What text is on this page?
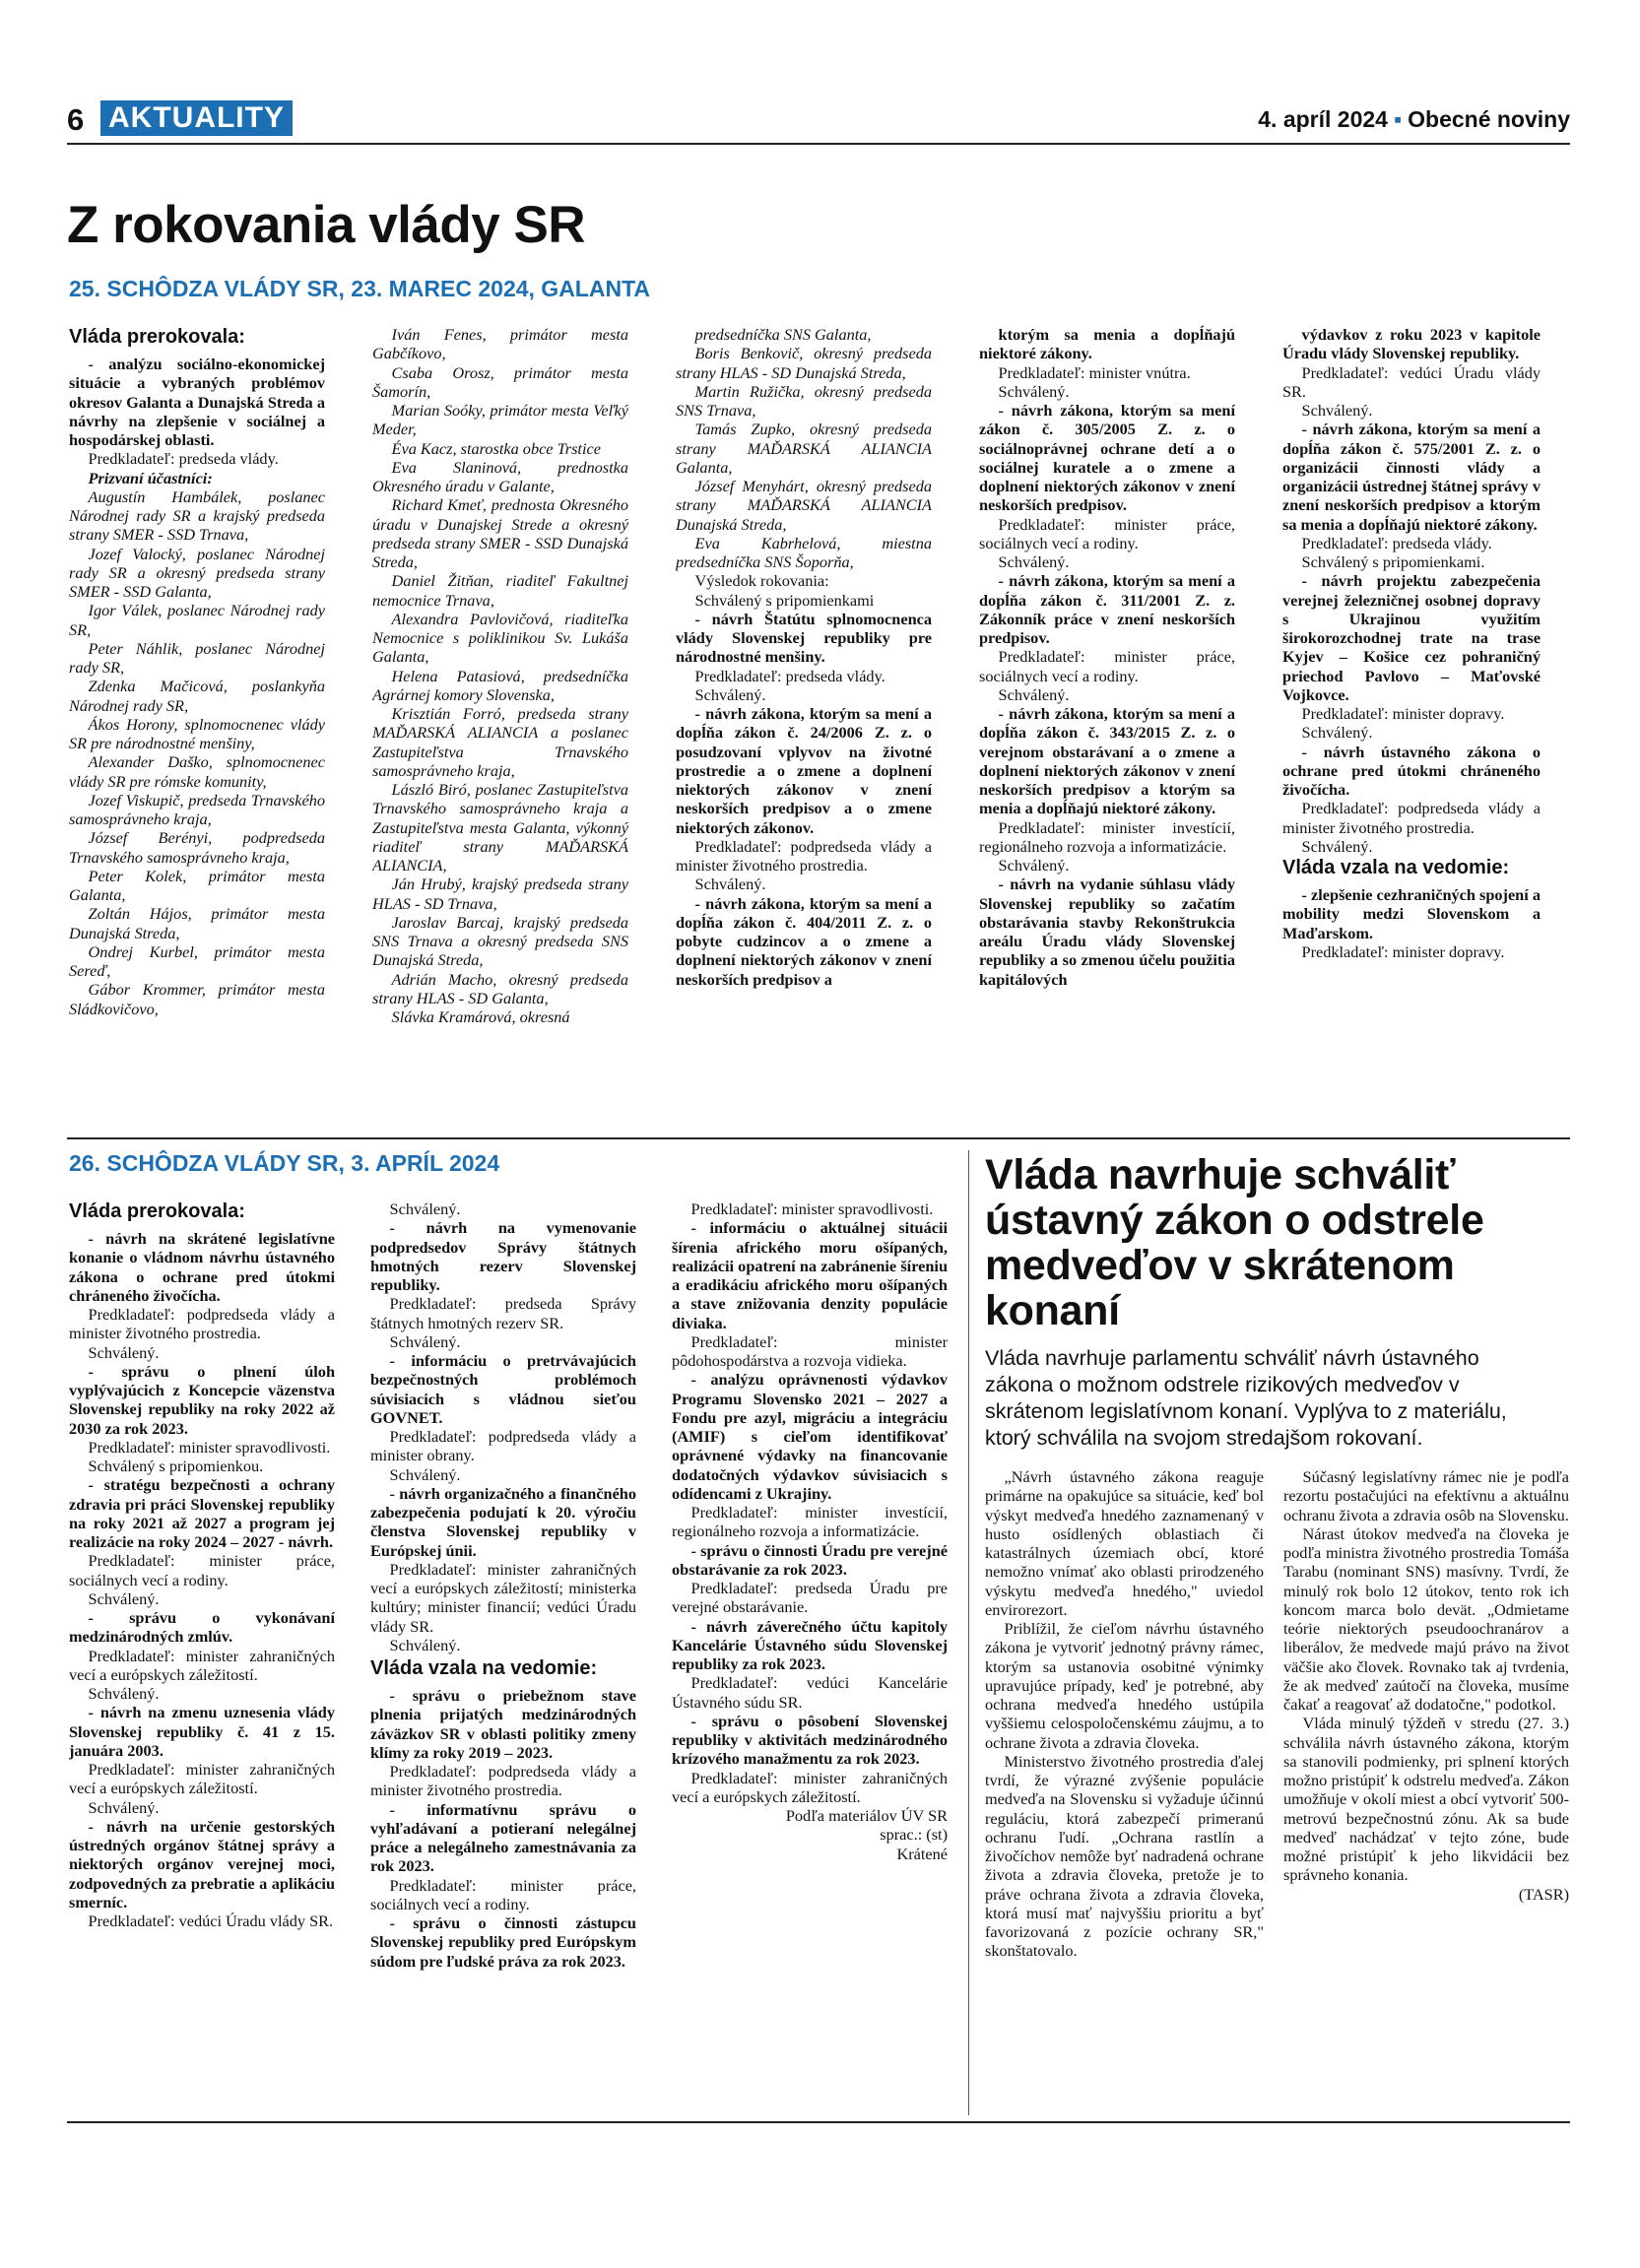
6 AKTUALITY	4. apríl 2024 ▪ Obecné noviny
Z rokovania vlády SR
25. SCHÔDZA VLÁDY SR, 23. MAREC 2024, GALANTA
Vláda prerokovala:

- analýzu sociálno-ekonomickej situácie a vybraných problémov okresov Galanta a Dunajská Streda a návrhy na zlepšenie v sociálnej a hospodárskej oblasti.

Predkladateľ: predseda vlády.

Prizvaní účastníci:

Augustín Hambálek, poslanec Národnej rady SR a krajský predseda strany SMER - SSD Trnava,

Jozef Valocký, poslanec Národnej rady SR a okresný predseda strany SMER - SSD Galanta,

Igor Válek, poslanec Národnej rady SR,

Peter Náhlik, poslanec Národnej rady SR,

Zdenka Mačicová, poslankyňa Národnej rady SR,

Ákos Horony, splnomocnenec vlády SR pre národnostné menšiny,

Alexander Daško, splnomocnenec vlády SR pre rómske komunity,

Jozef Viskupič, predseda Trnavského samosprávneho kraja,

József Berényi, podpredseda Trnavského samosprávneho kraja,

Peter Kolek, primátor mesta Galanta,

Zoltán Hájos, primátor mesta Dunajská Streda,

Ondrej Kurbel, primátor mesta Sereď,

Gábor Krommer, primátor mesta Sládkovičovo,

Iván Fenes, primátor mesta Gabčíkovo,

Csaba Orosz, primátor mesta Šamorín,

Marian Soóky, primátor mesta Veľký Meder,

Éva Kacz, starostka obce Trstice

Eva Slaninová, prednostka Okresného úradu v Galante,

Richard Kmeť, prednosta Okresného úradu v Dunajskej Strede a okresný predseda strany SMER - SSD Dunajská Streda,

Daniel Žitňan, riaditeľ Fakultnej nemocnice Trnava,

Alexandra Pavlovičová, riaditeľka Nemocnice s poliklinikou Sv. Lukáša Galanta,

Helena Patasiová, predsedníčka Agrárnej komory Slovenska,

Krisztián Forró, predseda strany MAĎARSKÁ ALIANCIA a poslanec Zastupiteľstva Trnavského samosprávneho kraja,

László Biró, poslanec Zastupiteľstva Trnavského samosprávneho kraja a Zastupiteľstva mesta Galanta, výkonný riaditeľ strany MAĎARSKÁ ALIANCIA,

Ján Hrubý, krajský predseda strany HLAS - SD Trnava,

Jaroslav Barcaj, krajský predseda SNS Trnava a okresný predseda SNS Dunajská Streda,

Adrián Macho, okresný predseda strany HLAS - SD Galanta,

Slávka Kramárová, okresná

predsedníčka SNS Galanta,

Boris Benkovič, okresný predseda strany HLAS - SD Dunajská Streda,

Martin Ružička, okresný predseda SNS Trnava,

Tamás Zupko, okresný predseda strany MAĎARSKÁ ALIANCIA Galanta,

József Menyhárt, okresný predseda strany MAĎARSKÁ ALIANCIA Dunajská Streda,

Eva Kabrhelová, miestna predsedníčka SNS Šoporňa,

Výsledok rokovania:

Schválený s pripomienkami

- návrh Štatútu splnomocnenca vlády Slovenskej republiky pre národnostné menšiny.

Predkladateľ: predseda vlády.

Schválený.

- návrh zákona, ktorým sa mení a dopĺňa zákon č. 24/2006 Z. z. o posudzovaní vplyvov na životné prostredie a o zmene a doplnení niektorých zákonov v znení neskorších predpisov a o zmene niektorých zákonov.

Predkladateľ: podpredseda vlády a minister životného prostredia.

Schválený.

- návrh zákona, ktorým sa mení a dopĺňa zákon č. 404/2011 Z. z. o pobyte cudzincov a o zmene a doplnení niektorých zákonov v znení neskorších predpisov a

ktorým sa menia a dopĺňajú niektoré zákony.

Predkladateľ: minister vnútra.

Schválený.

- návrh zákona, ktorým sa mení zákon č. 305/2005 Z. z. o sociálnoprávnej ochrane detí a o sociálnej kuratele a o zmene a doplnení niektorých zákonov v znení neskorších predpisov.

Predkladateľ: minister práce, sociálnych vecí a rodiny.

Schválený.

- návrh zákona, ktorým sa mení a dopĺňa zákon č. 311/2001 Z. z. Zákonník práce v znení neskorších predpisov.

Predkladateľ: minister práce, sociálnych vecí a rodiny.

Schválený.

- návrh zákona, ktorým sa mení a dopĺňa zákon č. 343/2015 Z. z. o verejnom obstarávaní a o zmene a doplnení niektorých zákonov v znení neskorších predpisov a ktorým sa menia a dopĺňajú niektoré zákony.

Predkladateľ: minister investícií, regionálneho rozvoja a informatizácie.

Schválený.

- návrh na vydanie súhlasu vlády Slovenskej republiky so začatím obstarávania stavby Rekonštrukcia areálu Úradu vlády Slovenskej republiky a so zmenou účelu použitia kapitálových

výdavkov z roku 2023 v kapitole Úradu vlády Slovenskej republiky.

Predkladateľ: vedúci Úradu vlády SR.

Schválený.

- návrh zákona, ktorým sa mení a dopĺňa zákon č. 575/2001 Z. z. o organizácii činnosti vlády a organizácii ústrednej štátnej správy v znení neskorších predpisov a ktorým sa menia a dopĺňajú niektoré zákony.

Predkladateľ: predseda vlády.

Schválený s pripomienkami.

- návrh projektu zabezpečenia verejnej železničnej osobnej dopravy s Ukrajinou využitím širokorozchodnej trate na trase Kyjev – Košice cez pohraničný priechod Pavlovo – Maťovské Vojkovce.

Predkladateľ: minister dopravy.

Schválený.

- návrh ústavného zákona o ochrane pred útokmi chráneného živočícha.

Predkladateľ: podpredseda vlády a minister životného prostredia.

Schválený.

Vláda vzala na vedomie:

- zlepšenie cezhraničných spojení a mobility medzi Slovenskom a Maďarskom.

Predkladateľ: minister dopravy.

26. SCHÔDZA VLÁDY SR, 3. APRÍL 2024
Vláda prerokovala:

- návrh na skrátené legislatívne konanie o vládnom návrhu ústavného zákona o ochrane pred útokmi chráneného živočícha.

Predkladateľ: podpredseda vlády a minister životného prostredia.

Schválený.

- správu o plnení úloh vyplývajúcich z Koncepcie väzenstva Slovenskej republiky na roky 2022 až 2030 za rok 2023.

Predkladateľ: minister spravodlivosti.

Schválený s pripomienkou.

- stratégu bezpečnosti a ochrany zdravia pri práci Slovenskej republiky na roky 2021 až 2027 a program jej realizácie na roky 2024 – 2027 - návrh.

Predkladateľ: minister práce, sociálnych vecí a rodiny.

Schválený.

- správu o vykonávaní medzinárodných zmlúv.

Predkladateľ: minister zahraničných vecí a európskych záležitostí.

Schválený.

- návrh na zmenu uznesenia vlády Slovenskej republiky č. 41 z 15. januára 2003.

Predkladateľ: minister zahraničných vecí a európskych záležitostí.

Schválený.

- návrh na určenie gestorských ústredných orgánov štátnej správy a niektorých orgánov verejnej moci, zodpovedných za prebratie a aplikáciu smerníc.

Predkladateľ: vedúci Úradu vlády SR.

Schválený.

- návrh na vymenovanie podpredsedov Správy štátnych hmotných rezerv Slovenskej republiky.

Predkladateľ: predseda Správy štátnych hmotných rezerv SR.

Schválený.

- informáciu o pretrvávajúcich bezpečnostných problémoch súvisiacich s vládnou sieťou GOVNET.

Predkladateľ: podpredseda vlády a minister obrany.

Schválený.

- návrh organizačného a finančného zabezpečenia podujatí k 20. výročiu členstva Slovenskej republiky v Európskej únii.

Predkladateľ: minister zahraničných vecí a európskych záležitostí; ministerka kultúry; minister financií; vedúci Úradu vlády SR.

Schválený.

Vláda vzala na vedomie:

- správu o priebežnom stave plnenia prijatých medzinárodných záväzkov SR v oblasti politiky zmeny klímy za roky 2019 – 2023.

Predkladateľ: podpredseda vlády a minister životného prostredia.

- informatívnu správu o vyhľadávaní a potieraní nelegálnej práce a nelegálneho zamestnávania za rok 2023.

Predkladateľ: minister práce, sociálnych vecí a rodiny.

- správu o činnosti zástupcu Slovenskej republiky pred Európskym súdom pre ľudské práva za rok 2023.

Predkladateľ: minister spravodlivosti.

- informáciu o aktuálnej situácii šírenia afrického moru ošípaných, realizácii opatrení na zabránenie šíreniu a eradikáciu afrického moru ošípaných a stave znižovania denzity populácie diviaka.

Predkladateľ: minister pôdohospodárstva a rozvoja vidieka.

- analýzu oprávnenosti výdavkov Programu Slovensko 2021 – 2027 a Fondu pre azyl, migráciu a integráciu (AMIF) s cieľom identifikovať oprávnené výdavky na financovanie dodatočných výdavkov súvisiacich s odídencami z Ukrajiny.

Predkladateľ: minister investícií, regionálneho rozvoja a informatizácie.

- správu o činnosti Úradu pre verejné obstarávanie za rok 2023.

Predkladateľ: predseda Úradu pre verejné obstarávanie.

- návrh záverečného účtu kapitoly Kancelárie Ústavného súdu Slovenskej republiky za rok 2023.

Predkladateľ: vedúci Kancelárie Ústavného súdu SR.

- správu o pôsobení Slovenskej republiky v aktivitách medzinárodného krízového manažmentu za rok 2023.

Predkladateľ: minister zahraničných vecí a európskych záležitostí.

Podľa materiálov ÚV SR

sprac.: (st)

Krátené

Vláda navrhuje schváliť ústavný zákon o odstrele medveďov v skrátenom konaní

Vláda navrhuje parlamentu schváliť návrh ústavného zákona o možnom odstrele rizikových medveďov v skrátenom legislatívnom konaní. Vyplýva to z materiálu, ktorý schválila na svojom stredajšom rokovaní.

„Návrh ústavného zákona reaguje primárne na opakujúce sa situácie, keď bol výskyt medveďa hnedého zaznamenaný v husto osídlených oblastiach či katastrálnych územiach obcí, ktoré nemožno vnímať ako oblasti prirodzeného výskytu medveďa hnedého," uviedol envirorezort.

Priblížil, že cieľom návrhu ústavného zákona je vytvoriť jednotný právny rámec, ktorým sa ustanovia osobitné výnimky upravujúce prípady, keď je potrebné, aby ochrana medveďa hnedého ustúpila vyššiemu celospoločenskému záujmu, a to ochrane života a zdravia človeka.

Ministerstvo životného prostredia ďalej tvrdí, že výrazné zvýšenie populácie medveďa na Slovensku si vyžaduje účinnú reguláciu, ktorá zabezpečí primeranú ochranu ľudí. „Ochrana rastlín a živočíchov nemôže byť nadradená ochrane života a zdravia človeka, pretože je to práve ochrana života a zdravia človeka, ktorá musí mať najvyššiu prioritu a byť favorizovaná z pozície ochrany SR," skonštatovalo.

Súčasný legislatívny rámec nie je podľa rezortu postačujúci na efektívnu a aktuálnu ochranu života a zdravia osôb na Slovensku.

Nárast útokov medveďa na človeka je podľa ministra životného prostredia Tomáša Tarabu (nominant SNS) masívny. Tvrdí, že minulý rok bolo 12 útokov, tento rok ich koncom marca bolo devät. „Odmietame teórie niektorých pseudoochranárov a liberálov, že medvede majú právo na život väčšie ako človek. Rovnako tak aj tvrdenia, že ak medveď zaútočí na človeka, musíme čakať a reagovať až dodatočne," podotkol.

Vláda minulý týždeň v stredu (27. 3.) schválila návrh ústavného zákona, ktorým sa stanovili podmienky, pri splnení ktorých možno pristúpiť k odstrelu medveďa. Zákon umožňuje v okolí miest a obcí vytvoriť 500-metrovú bezpečnostnú zónu. Ak sa bude medveď nachádzať v tejto zóne, bude možné pristúpiť k jeho likvidácii bez správneho konania.

(TASR)
